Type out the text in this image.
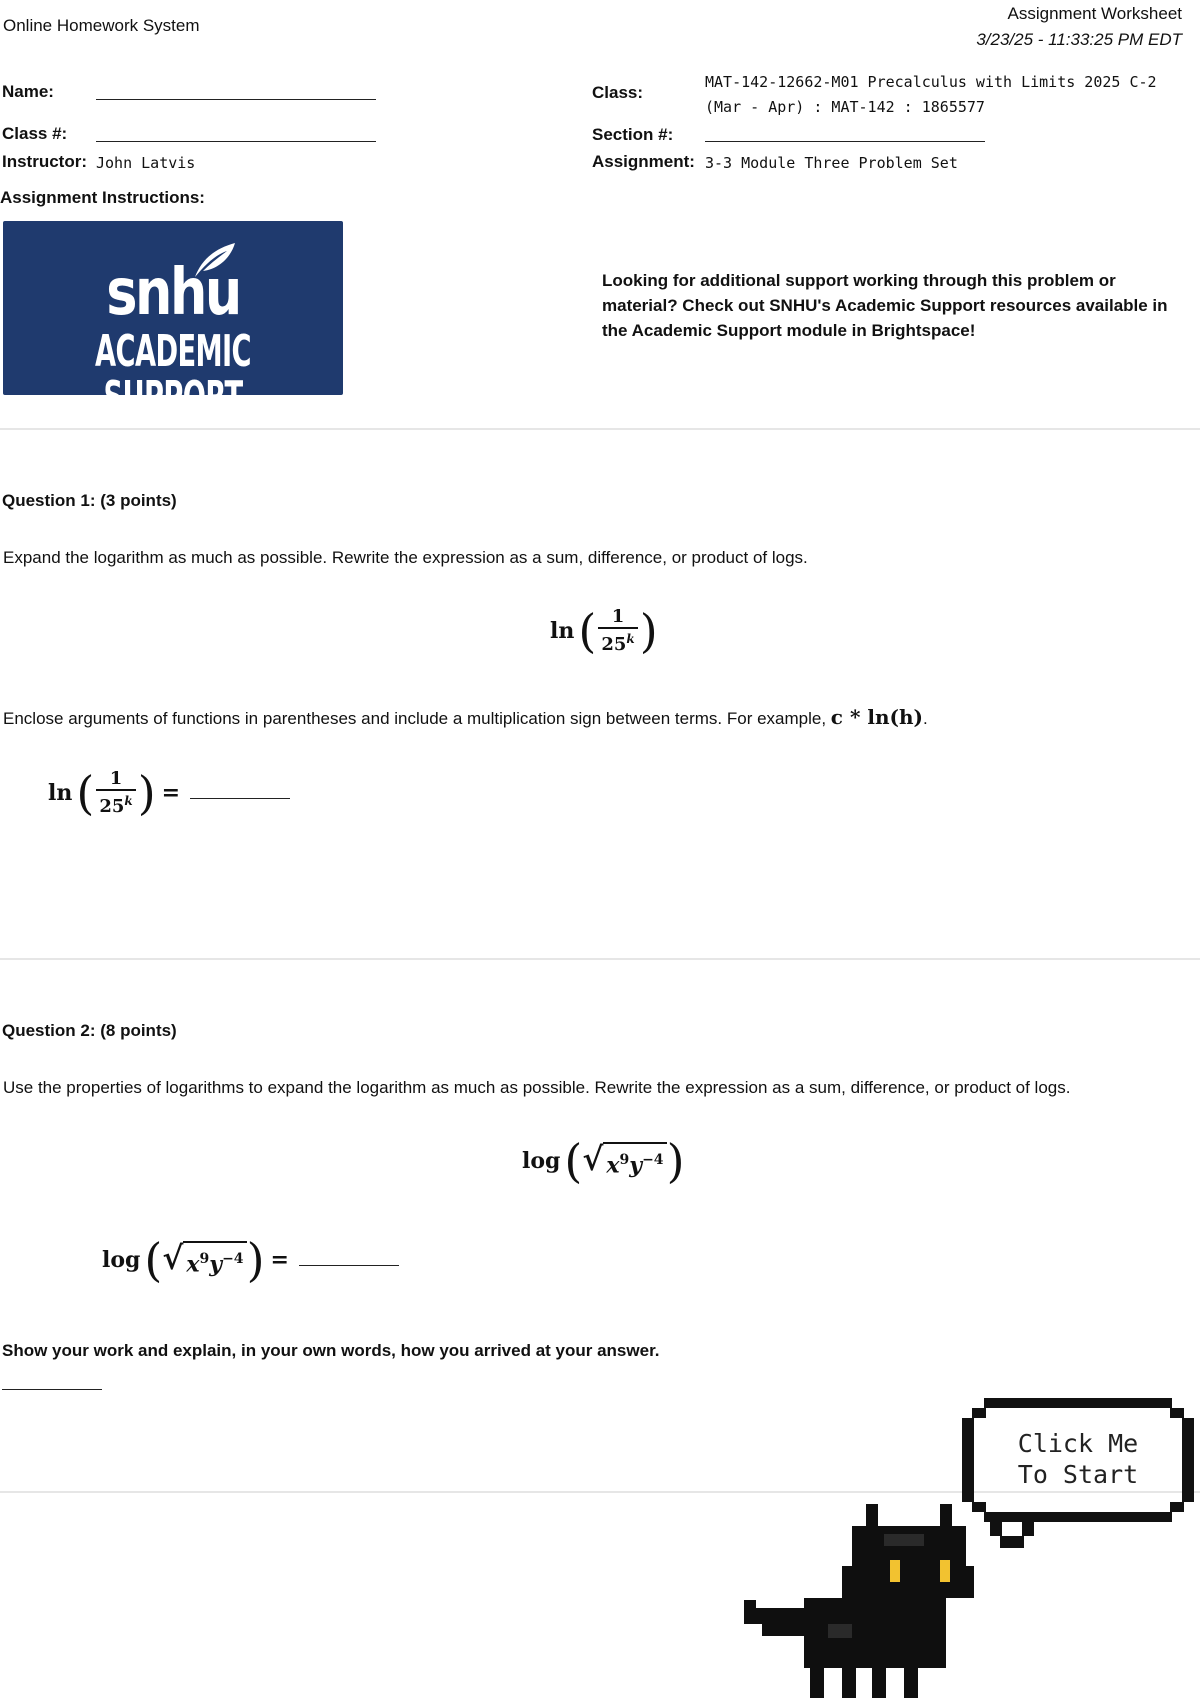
Online Homework System
Assignment Worksheet
3/23/25 - 11:33:25 PM EDT
Name:
Class #:
Instructor: John Latvis
Class:
MAT-142-12662-M01 Precalculus with Limits 2025 C-2 (Mar - Apr) : MAT-142 : 1865577
Section #:
Assignment: 3-3 Module Three Problem Set
Assignment Instructions:
snhu
ACADEMIC SUPPORT
Looking for additional support working through this problem or material? Check out SNHU's Academic Support resources available in the Academic Support module in Brightspace!
Question 1: (3 points)
Expand the logarithm as much as possible. Rewrite the expression as a sum, difference, or product of logs.
ln ( $\frac{1}{25^k}$ )
Enclose arguments of functions in parentheses and include a multiplication sign between terms. For example, c * ln(h).
ln ( $\frac{1}{25^k}$ ) =
Question 2: (8 points)
Use the properties of logarithms to expand the logarithm as much as possible. Rewrite the expression as a sum, difference, or product of logs.
log ( √ $x^9y^{-4}$ )
log ( √ $x^9y^{-4}$ ) =
Show your work and explain, in your own words, how you arrived at your answer.
Click Me
To Start
